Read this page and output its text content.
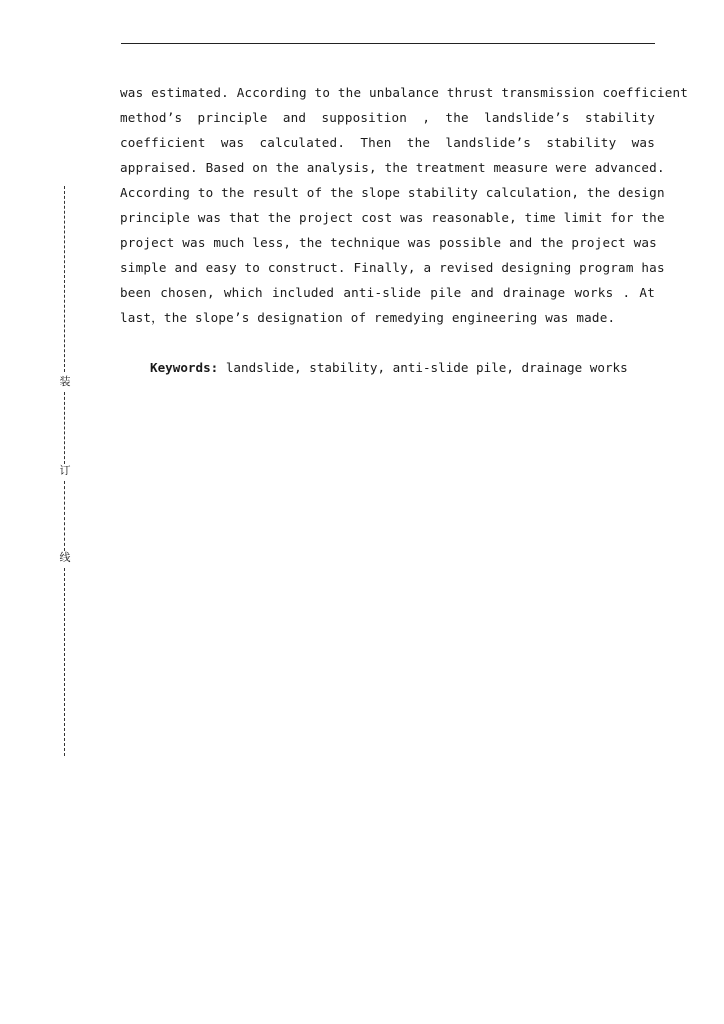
was estimated. According to the unbalance thrust transmission coefficient
method’s principle and supposition , the landslide’s stability
coefficient was calculated. Then the landslide’s stability was
appraised. Based on the analysis, the treatment measure were advanced.
According to the result of the slope stability calculation, the design
principle was that the project cost was reasonable, time limit for the
project was much less, the technique was possible and the project was
simple and easy to construct. Finally, a revised designing program has
been chosen, which included anti-slide pile and drainage works . At
last，the slope’s designation of remedying engineering was made.
Keywords: landslide, stability, anti-slide pile, drainage works
装
订
线
